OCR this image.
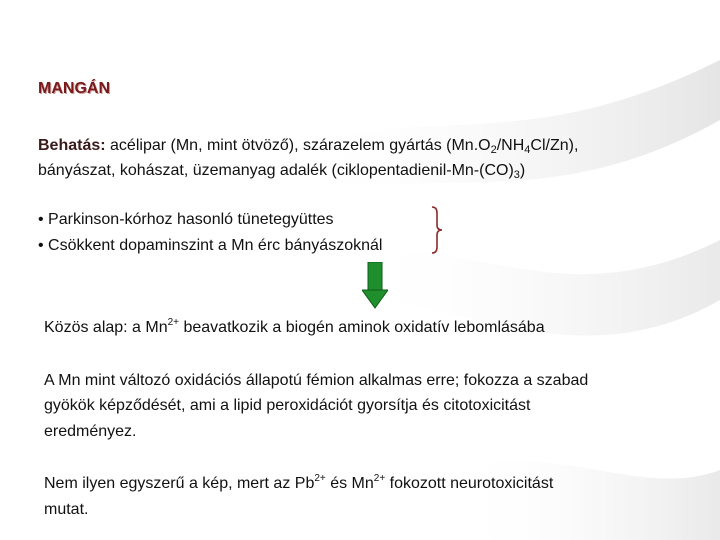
MANGÁN
Behatás: acélipar (Mn, mint ötvöző), szárazelem gyártás $(Mn.O_2/NH_4Cl/Zn)$,
bányászat, kohászat, üzemanyag adalék $(ciklopentadienil-Mn-(CO)_3)$
• Parkinson-kórhoz hasonló tünetegyüttes
• Csökkent dopaminszint a Mn érc bányászoknál
Közös alap: a $Mn^{2+}$ beavatkozik a biogén aminok oxidatív lebomlásába
A Mn mint változó oxidációs állapotú fémion alkalmas erre; fokozza a szabad
gyökök képződését, ami a lipid peroxidációt gyorsítja és citotoxicitást
eredményez.
Nem ilyen egyszerű a kép, mert az $Pb^{2+}$ és $Mn^{2+}$ fokozott neurotoxicitást
mutat.
